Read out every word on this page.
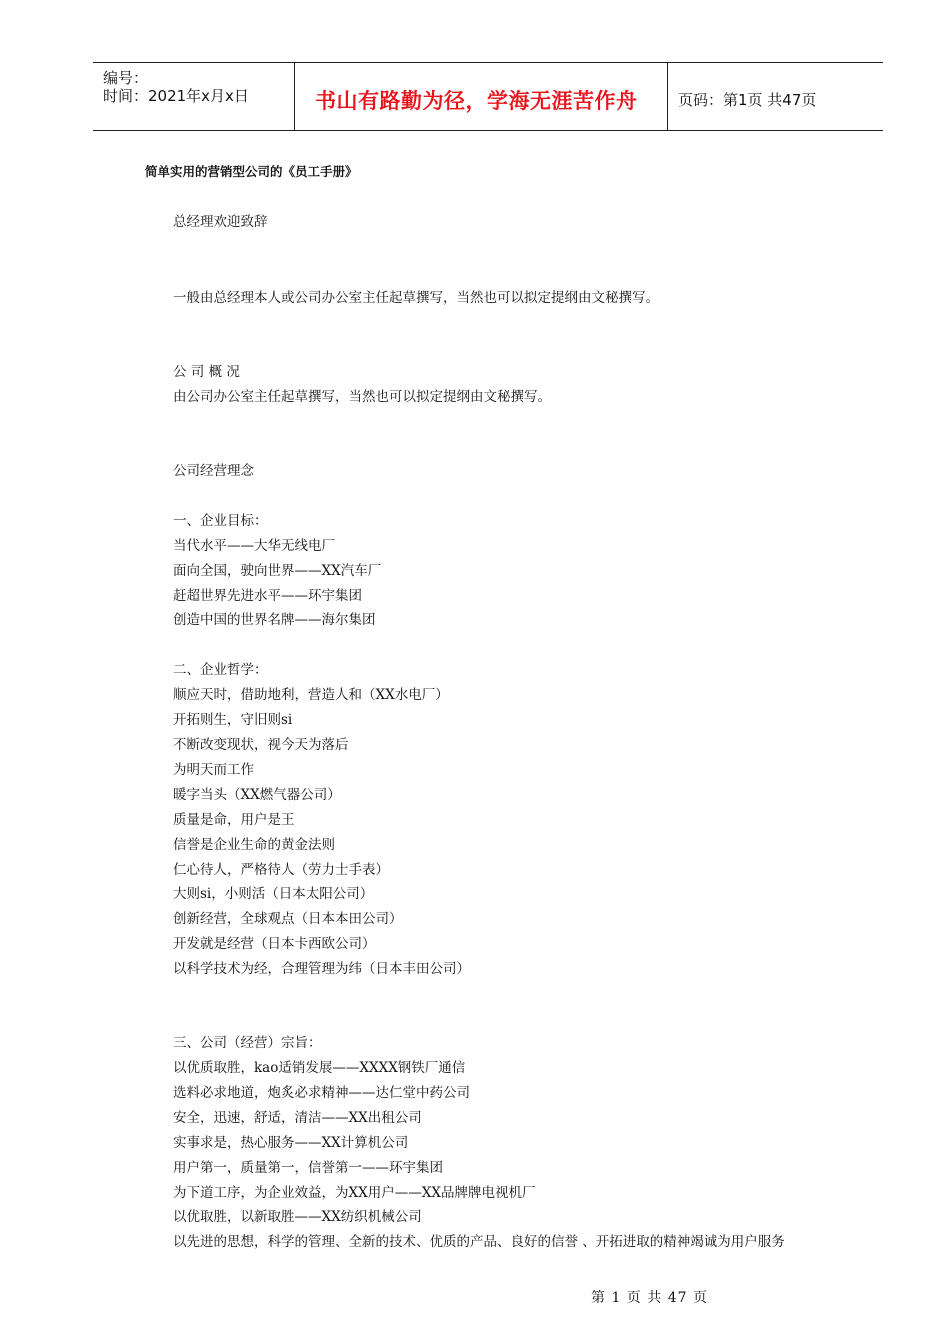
编号：
时间：2021年x月x日	书山有路勤为径，学海无涯苦作舟	页码：第1页 共47页
简单实用的营销型公司的《员工手册》
总经理欢迎致辞
一般由总经理本人或公司办公室主任起草撰写，当然也可以拟定提纲由文秘撰写。
公 司 概 况
由公司办公室主任起草撰写，当然也可以拟定提纲由文秘撰写。
公司经营理念
一、企业目标：
当代水平——大华无线电厂
面向全国，驶向世界——XX汽车厂
赶超世界先进水平——环宇集团
创造中国的世界名牌——海尔集团
二、企业哲学：
顺应天时，借助地利，营造人和（XX水电厂）
开拓则生，守旧则si
不断改变现状，视今天为落后
为明天而工作
暖字当头（XX燃气器公司）
质量是命，用户是王
信誉是企业生命的黄金法则
仁心待人，严格待人（劳力士手表）
大则si，小则活（日本太阳公司）
创新经营，全球观点（日本本田公司）
开发就是经营（日本卡西欧公司）
以科学技术为经，合理管理为纬（日本丰田公司）
三、公司（经营）宗旨：
以优质取胜，kao适销发展——XXXX钢铁厂通信
选料必求地道，炮炙必求精神——达仁堂中药公司
安全，迅速，舒适，清洁——XX出租公司
实事求是，热心服务——XX计算机公司
用户第一，质量第一，信誉第一——环宇集团
为下道工序，为企业效益，为XX用户——XX品牌牌电视机厂
以优取胜，以新取胜——XX纺织机械公司
以先进的思想，科学的管理、全新的技术、优质的产品、良好的信誉 、开拓进取的精神竭诚为用户服务
第 1 页 共 47 页
